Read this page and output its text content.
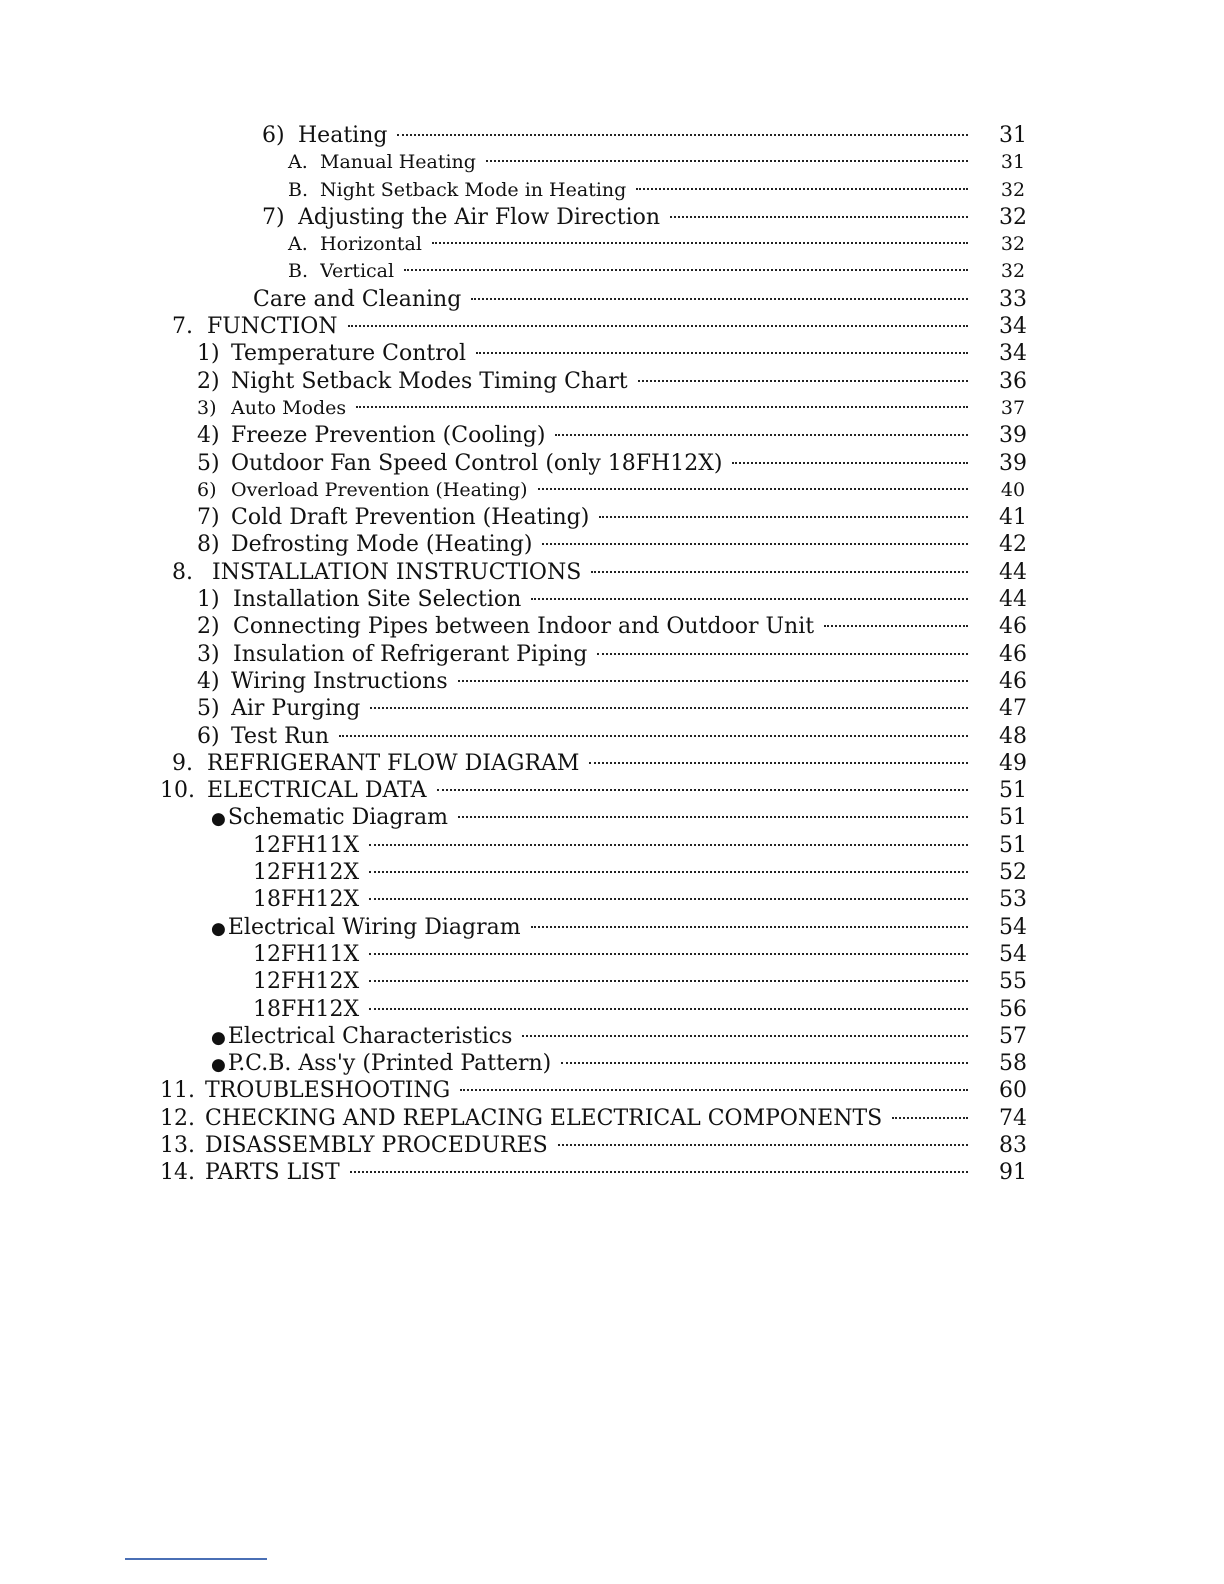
6) Heating	31
A. Manual Heating	31
B. Night Setback Mode in Heating	32
7) Adjusting the Air Flow Direction	32
A. Horizontal	32
B. Vertical	32
Care and Cleaning	33
7. FUNCTION	34
1) Temperature Control	34
2) Night Setback Modes Timing Chart	36
3) Auto Modes	37
4) Freeze Prevention (Cooling)	39
5) Outdoor Fan Speed Control (only 18FH12X)	39
6) Overload Prevention (Heating)	40
7) Cold Draft Prevention (Heating)	41
8) Defrosting Mode (Heating)	42
8. INSTALLATION INSTRUCTIONS	44
1) Installation Site Selection	44
2) Connecting Pipes between Indoor and Outdoor Unit	46
3) Insulation of Refrigerant Piping	46
4) Wiring Instructions	46
5) Air Purging	47
6) Test Run	48
9. REFRIGERANT FLOW DIAGRAM	49
10. ELECTRICAL DATA	51
● Schematic Diagram	51
12FH11X	51
12FH12X	52
18FH12X	53
● Electrical Wiring Diagram	54
12FH11X	54
12FH12X	55
18FH12X	56
● Electrical Characteristics	57
● P.C.B. Ass'y (Printed Pattern)	58
11. TROUBLESHOOTING	60
12. CHECKING AND REPLACING ELECTRICAL COMPONENTS	74
13. DISASSEMBLY PROCEDURES	83
14. PARTS LIST	91
